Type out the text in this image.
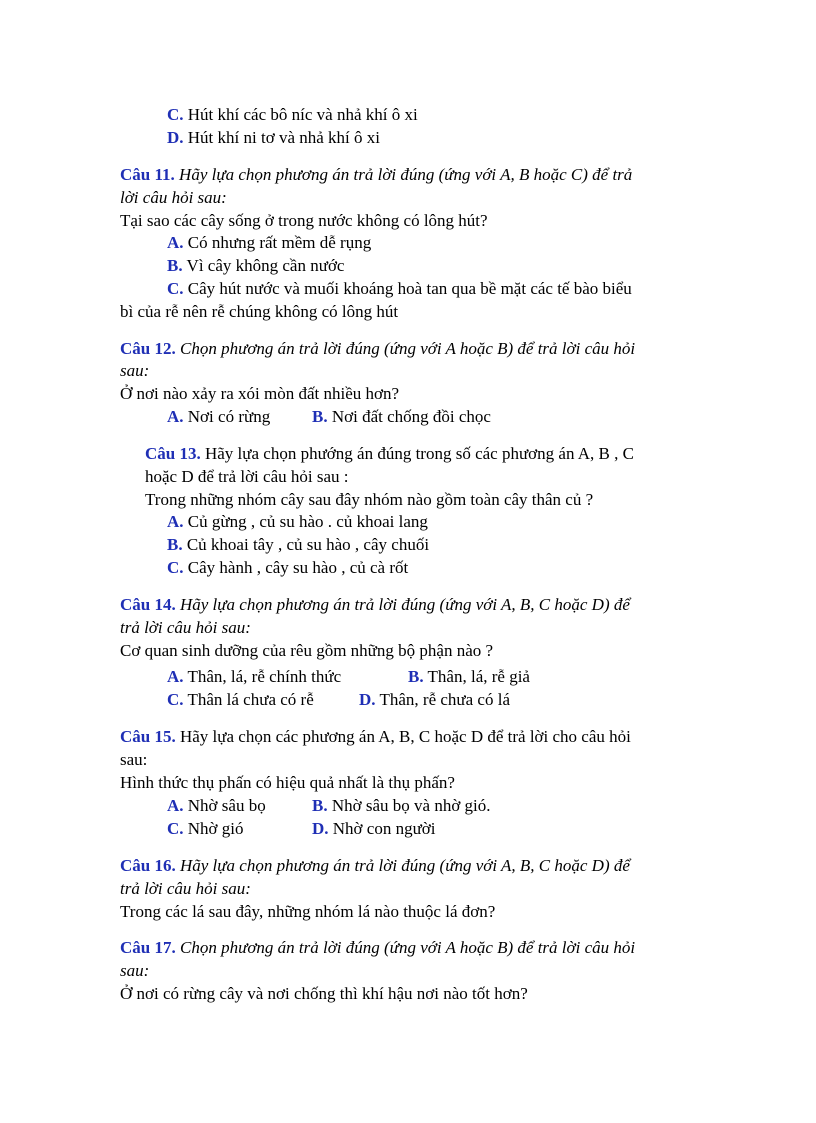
C. Hút khí các bô níc và nhả khí ô xi
D. Hút khí ni tơ và nhả khí ô xi
Câu 11. Hãy lựa chọn phương án trả lời đúng (ứng với A, B hoặc C) để trả
lời câu hỏi sau:
Tại sao các cây sống ở trong nước không có lông hút?
A. Có nhưng rất mềm dễ rụng
B. Vì cây không cần nước
C. Cây hút nước và muối khoáng hoà tan qua bề mặt các tế bào biểu
bì của rễ nên rễ chúng không có lông hút
Câu 12. Chọn phương án trả lời đúng (ứng với A hoặc B) để trả lời câu hỏi
sau:
Ở nơi nào xảy ra xói mòn đất nhiều hơn?
A. Nơi có rừng B. Nơi đất chống đồi chọc
Câu 13. Hãy lựa chọn phướng án đúng trong số các phương án A, B , C
hoặc D để trả lời câu hỏi sau :
Trong những nhóm cây sau đây nhóm nào gồm toàn cây thân củ ?
A. Củ gừng , củ su hào . củ khoai lang
B. Củ khoai tây , củ su hào , cây chuối
C. Cây hành , cây su hào , củ cà rốt
Câu 14. Hãy lựa chọn phương án trả lời đúng (ứng với A, B, C hoặc D) để
trả lời câu hỏi sau:
Cơ quan sinh dưỡng của rêu gồm những bộ phận nào ?
A. Thân, lá, rễ chính thức	B. Thân, lá, rễ giả
C. Thân lá chưa có rễ	D. Thân, rễ chưa có lá
Câu 15. Hãy lựa chọn các phương án A, B, C hoặc D để trả lời cho câu hỏi
sau:
Hình thức thụ phấn có hiệu quả nhất là thụ phấn?
A. Nhờ sâu bọ	B. Nhờ sâu bọ và nhờ gió.
C. Nhờ gió	D. Nhờ con người
Câu 16. Hãy lựa chọn phương án trả lời đúng (ứng với A, B, C hoặc D) để
trả lời câu hỏi sau:
Trong các lá sau đây, những nhóm lá nào thuộc lá đơn?
Câu 17. Chọn phương án trả lời đúng (ứng với A hoặc B) để trả lời câu hỏi
sau:
Ở nơi có rừng cây và nơi chống thì khí hậu nơi nào tốt hơn?
